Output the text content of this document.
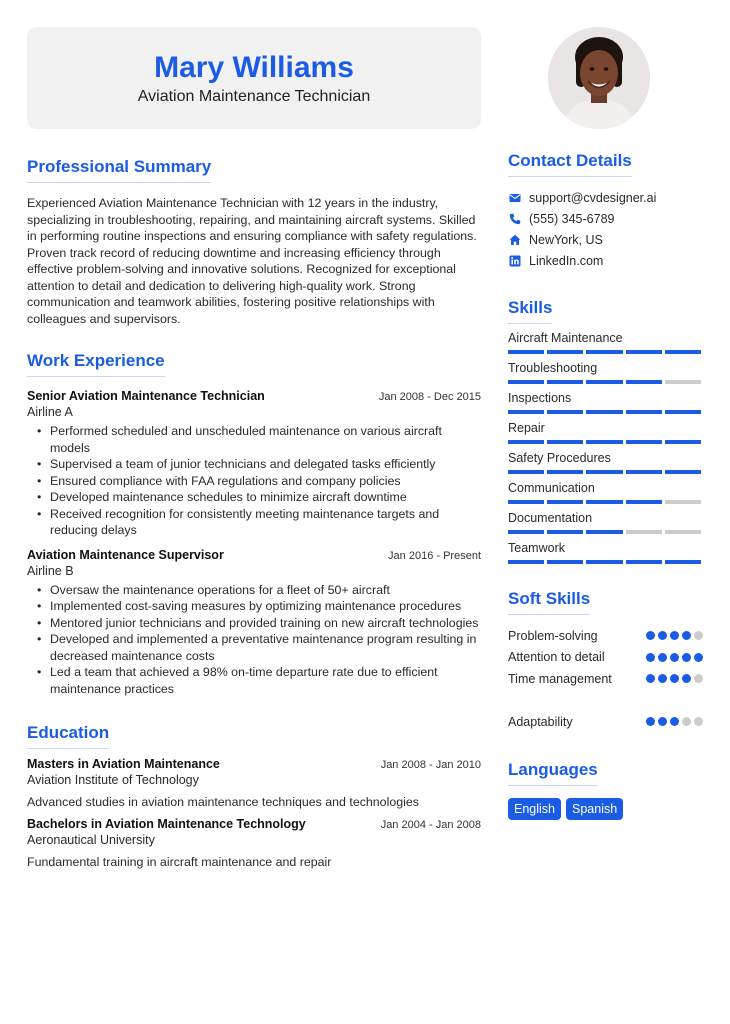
Mary Williams
Aviation Maintenance Technician
Professional Summary

Experienced Aviation Maintenance Technician with 12 years in the industry, specializing in troubleshooting, repairing, and maintaining aircraft systems. Skilled in performing routine inspections and ensuring compliance with safety regulations. Proven track record of reducing downtime and increasing efficiency through effective problem-solving and innovative solutions. Recognized for exceptional attention to detail and dedication to delivering high-quality work. Strong communication and teamwork abilities, fostering positive relationships with colleagues and supervisors.

Work Experience
Senior Aviation Maintenance Technician	Jan 2008 - Dec 2015
Airline A
• Performed scheduled and unscheduled maintenance on various aircraft models
• Supervised a team of junior technicians and delegated tasks efficiently
• Ensured compliance with FAA regulations and company policies
• Developed maintenance schedules to minimize aircraft downtime
• Received recognition for consistently meeting maintenance targets and reducing delays
Aviation Maintenance Supervisor	Jan 2016 - Present
Airline B
• Oversaw the maintenance operations for a fleet of 50+ aircraft
• Implemented cost-saving measures by optimizing maintenance procedures
• Mentored junior technicians and provided training on new aircraft technologies
• Developed and implemented a preventative maintenance program resulting in decreased maintenance costs
• Led a team that achieved a 98% on-time departure rate due to efficient maintenance practices
Education
Masters in Aviation Maintenance	Jan 2008 - Jan 2010
Aviation Institute of Technology
Advanced studies in aviation maintenance techniques and technologies
Bachelors in Aviation Maintenance Technology	Jan 2004 - Jan 2008
Aeronautical University
Fundamental training in aircraft maintenance and repair
Contact Details
support@cvdesigner.ai
(555) 345-6789
NewYork, US
LinkedIn.com
Skills
Aircraft Maintenance
Troubleshooting
Inspections
Repair
Safety Procedures
Communication
Documentation
Teamwork
Soft Skills
Problem-solving
Attention to detail
Time management
Adaptability
Languages
English	Spanish
